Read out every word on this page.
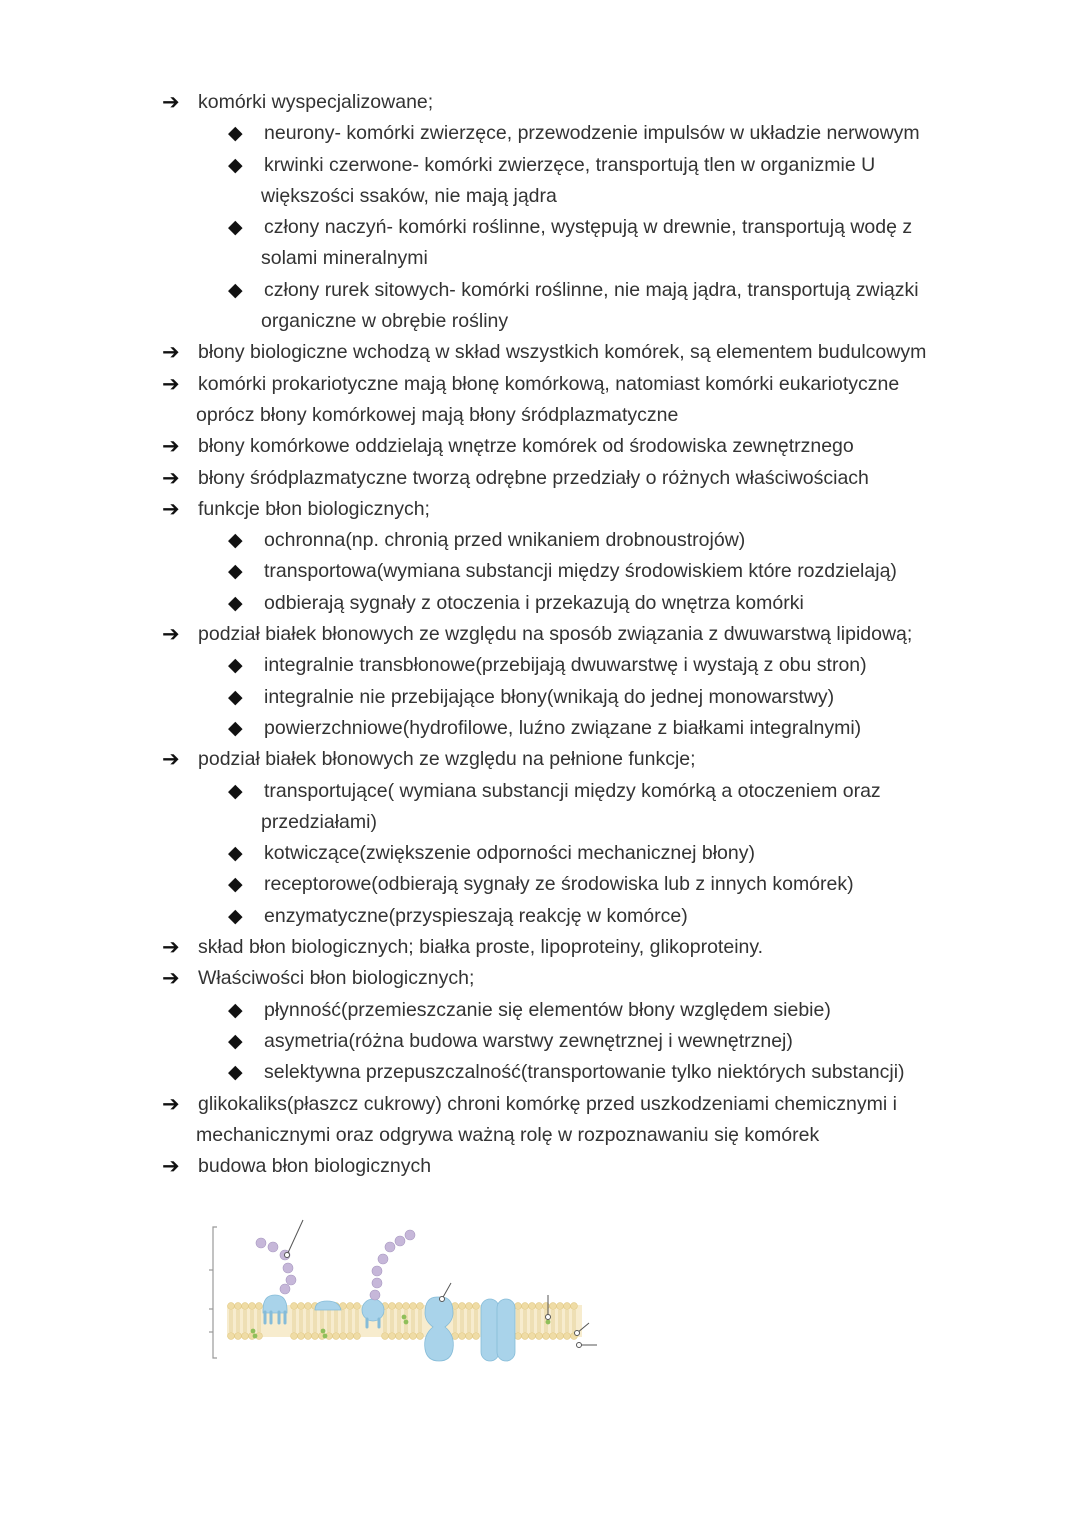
➔ komórki wyspecjalizowane;
◆ neurony- komórki zwierzęce, przewodzenie impulsów w układzie nerwowym
◆ krwinki czerwone- komórki zwierzęce, transportują tlen w organizmie U
większości ssaków, nie mają jądra
◆ człony naczyń- komórki roślinne, występują w drewnie, transportują wodę z
solami mineralnymi
◆ człony rurek sitowych- komórki roślinne, nie mają jądra, transportują związki
organiczne w obrębie rośliny
➔ błony biologiczne wchodzą w skład wszystkich komórek, są elementem budulcowym
➔ komórki prokariotyczne mają błonę komórkową, natomiast komórki eukariotyczne
oprócz błony komórkowej mają błony śródplazmatyczne
➔ błony komórkowe oddzielają wnętrze komórek od środowiska zewnętrznego
➔ błony śródplazmatyczne tworzą odrębne przedziały o różnych właściwościach
➔ funkcje błon biologicznych;
◆ ochronna(np. chronią przed wnikaniem drobnoustrojów)
◆ transportowa(wymiana substancji między środowiskiem które rozdzielają)
◆ odbierają sygnały z otoczenia i przekazują do wnętrza komórki
➔ podział białek błonowych ze względu na sposób związania z dwuwarstwą lipidową;
◆ integralnie transbłonowe(przebijają dwuwarstwę i wystają z obu stron)
◆ integralnie nie przebijające błony(wnikają do jednej monowarstwy)
◆ powierzchniowe(hydrofilowe, luźno związane z białkami integralnymi)
➔ podział białek błonowych ze względu na pełnione funkcje;
◆ transportujące( wymiana substancji między komórką a otoczeniem oraz
przedziałami)
◆ kotwiczące(zwiększenie odporności mechanicznej błony)
◆ receptorowe(odbierają sygnały ze środowiska lub z innych komórek)
◆ enzymatyczne(przyspieszają reakcję w komórce)
➔ skład błon biologicznych; białka proste, lipoproteiny, glikoproteiny.
➔ Właściwości błon biologicznych;
◆ płynność(przemieszczanie się elementów błony względem siebie)
◆ asymetria(różna budowa warstwy zewnętrznej i wewnętrznej)
◆ selektywna przepuszczalność(transportowanie tylko niektórych substancji)
➔ glikokaliks(płaszcz cukrowy) chroni komórkę przed uszkodzeniami chemicznymi i
mechanicznymi oraz odgrywa ważną rolę w rozpoznawaniu się komórek
➔ budowa błon biologicznych
